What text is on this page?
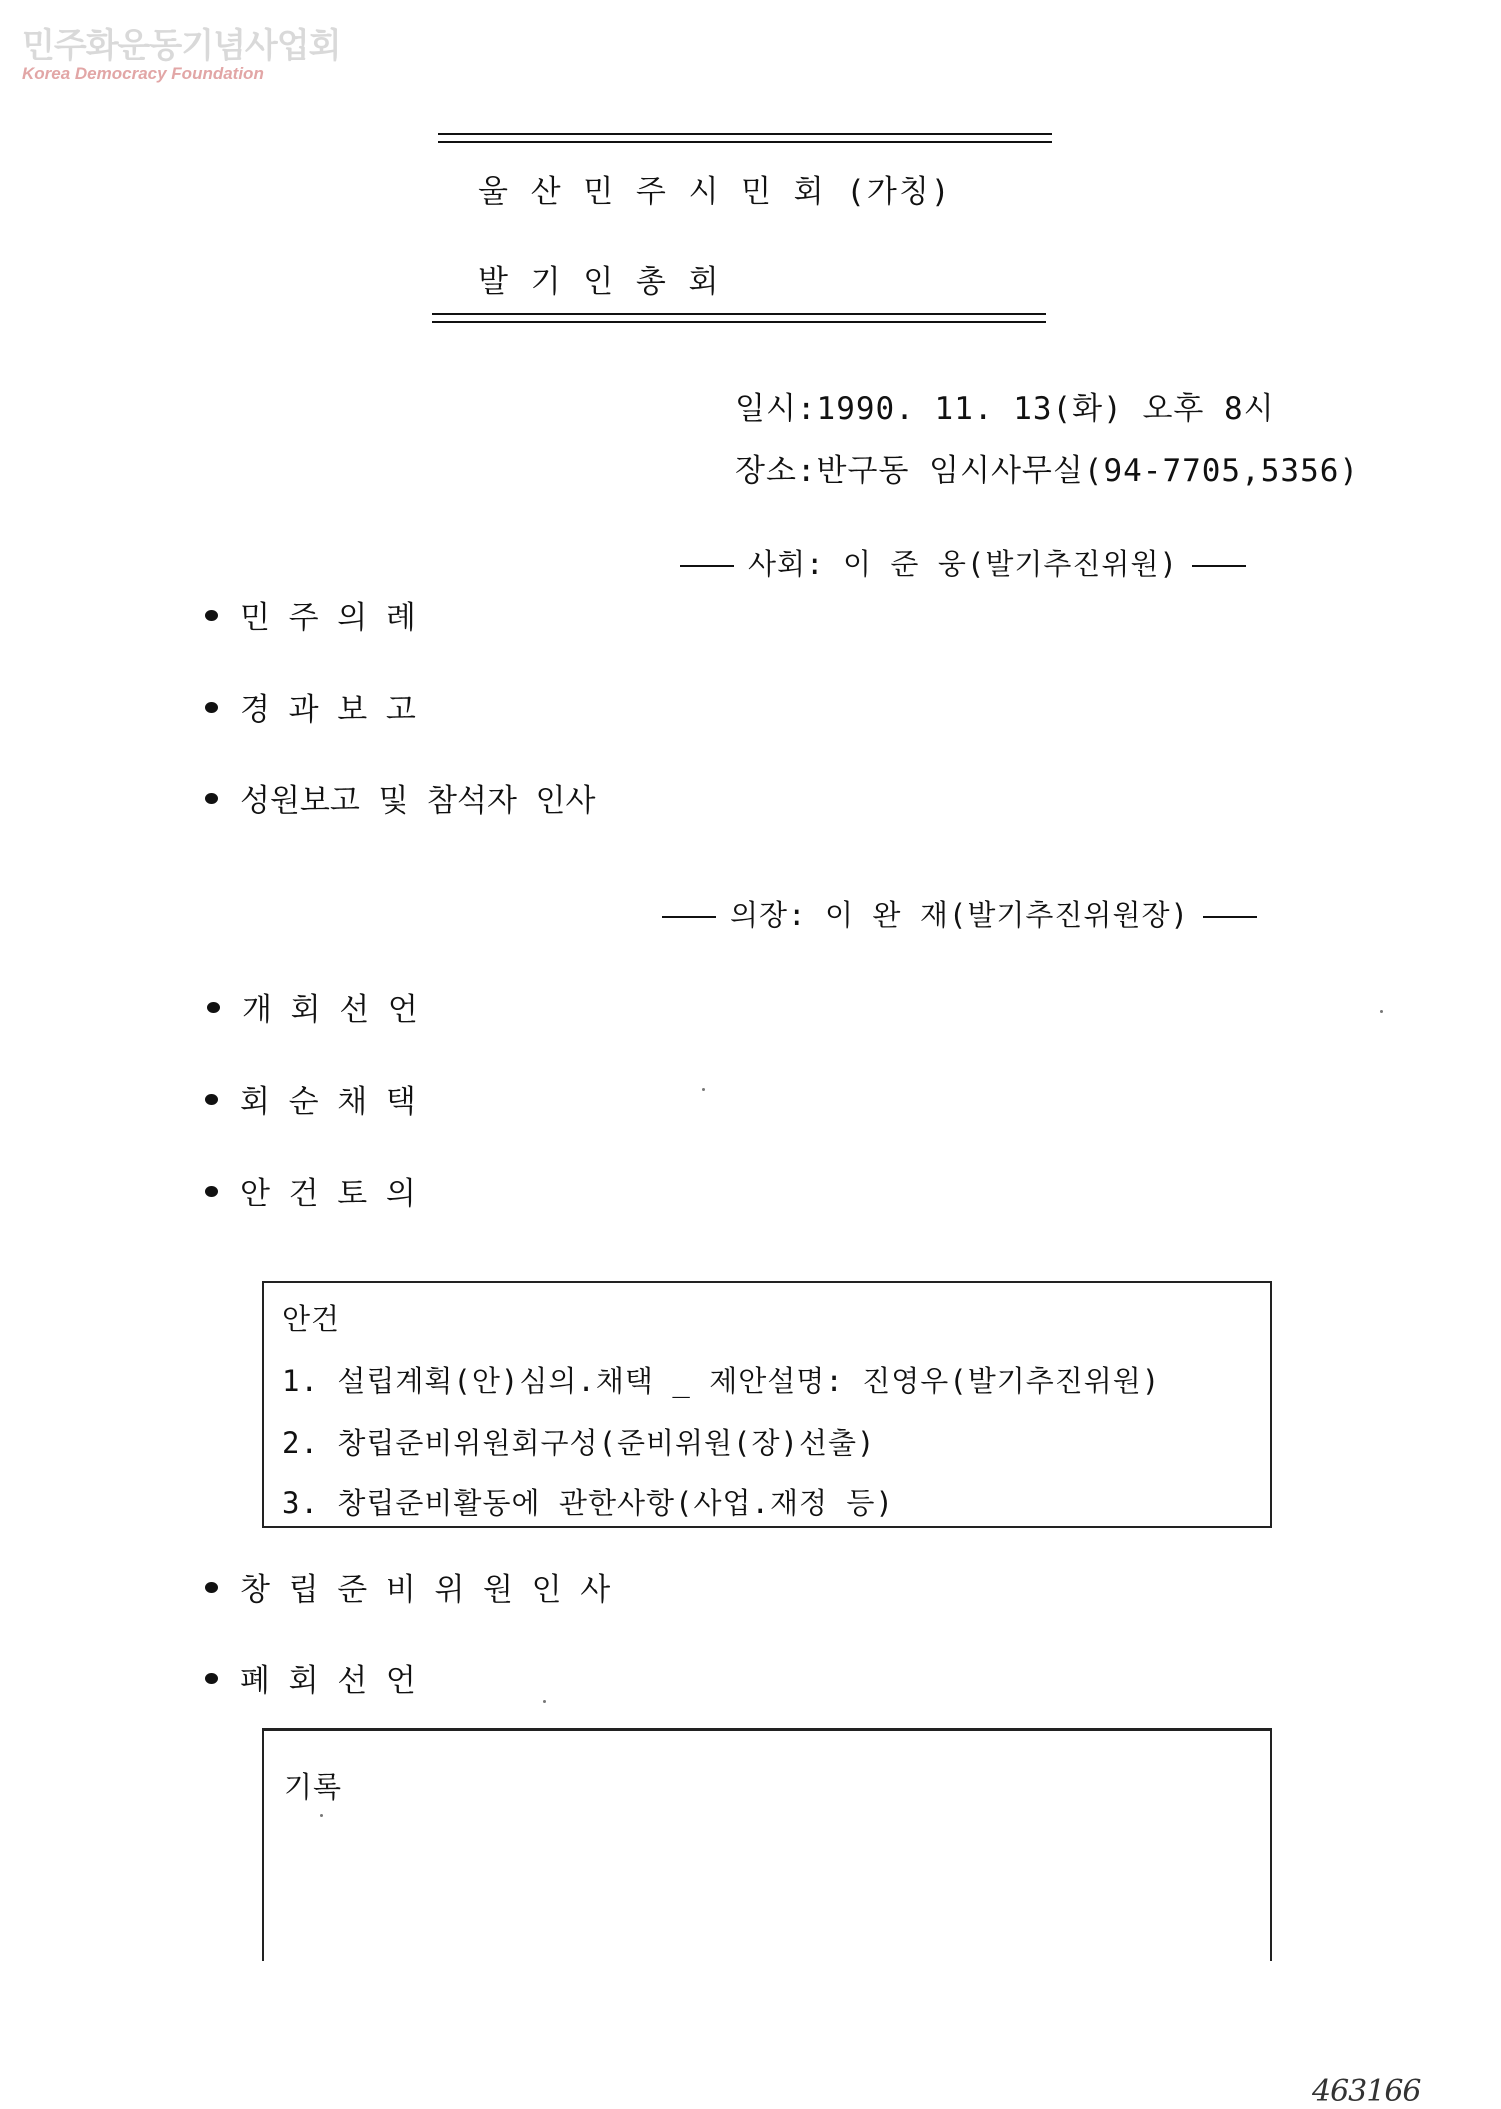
민주화운동기념사업회
Korea Democracy Foundation
울 산 민 주 시 민 회 (가칭)
발 기 인 총 회
일시:1990. 11. 13(화) 오후 8시
장소:반구동 임시사무실(94-7705,5356)
사회: 이 준 웅(발기추진위원)
민 주 의 례
경 과 보 고
성원보고 및 참석자 인사
의장: 이 완 재(발기추진위원장)
개 회 선 언
회 순 채 택
안 건 토 의
안건
1. 설립계획(안)심의.채택 _ 제안설명: 진영우(발기추진위원)
2. 창립준비위원회구성(준비위원(장)선출)
3. 창립준비활동에 관한사항(사업.재정 등)
창 립 준 비 위 원 인 사
폐 회 선 언
기록
463166
